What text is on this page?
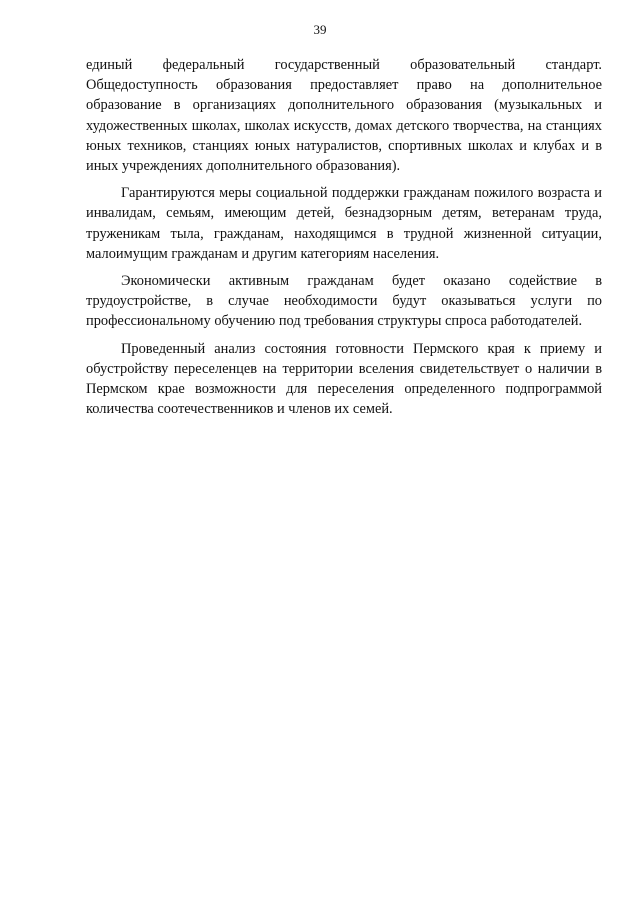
39

единый федеральный государственный образовательный стандарт. Общедоступность образования предоставляет право на дополнительное образование в организациях дополнительного образования (музыкальных и художественных школах, школах искусств, домах детского творчества, на станциях юных техников, станциях юных натуралистов, спортивных школах и клубах и в иных учреждениях дополнительного образования).

Гарантируются меры социальной поддержки гражданам пожилого возраста и инвалидам, семьям, имеющим детей, безнадзорным детям, ветеранам труда, труженикам тыла, гражданам, находящимся в трудной жизненной ситуации, малоимущим гражданам и другим категориям населения.

Экономически активным гражданам будет оказано содействие в трудоустройстве, в случае необходимости будут оказываться услуги по профессиональному обучению под требования структуры спроса работодателей.

Проведенный анализ состояния готовности Пермского края к приему и обустройству переселенцев на территории вселения свидетельствует о наличии в Пермском крае возможности для переселения определенного подпрограммой количества соотечественников и членов их семей.
